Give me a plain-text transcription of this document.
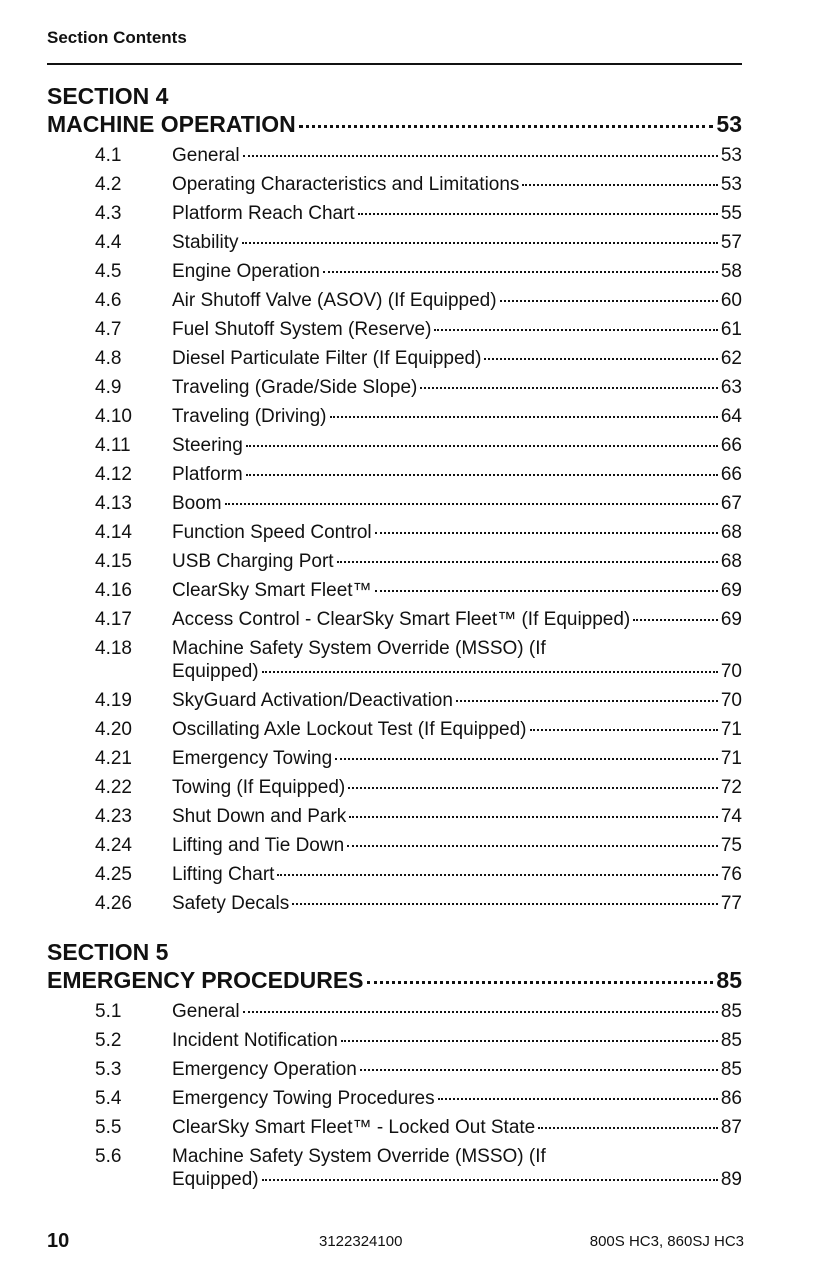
Section Contents
SECTION 4
MACHINE OPERATION	53
4.1	General	53
4.2	Operating Characteristics and Limitations	53
4.3	Platform Reach Chart	55
4.4	Stability	57
4.5	Engine Operation	58
4.6	Air Shutoff Valve (ASOV) (If Equipped)	60
4.7	Fuel Shutoff System (Reserve)	61
4.8	Diesel Particulate Filter (If Equipped)	62
4.9	Traveling (Grade/Side Slope)	63
4.10	Traveling (Driving)	64
4.11	Steering	66
4.12	Platform	66
4.13	Boom	67
4.14	Function Speed Control	68
4.15	USB Charging Port	68
4.16	ClearSky Smart Fleet™	69
4.17	Access Control - ClearSky Smart Fleet™ (If Equipped)	69
4.18	Machine Safety System Override (MSSO) (If
Equipped)	70
4.19	SkyGuard Activation/Deactivation	70
4.20	Oscillating Axle Lockout Test (If Equipped)	71
4.21	Emergency Towing	71
4.22	Towing (If Equipped)	72
4.23	Shut Down and Park	74
4.24	Lifting and Tie Down	75
4.25	Lifting Chart	76
4.26	Safety Decals	77
SECTION 5
EMERGENCY PROCEDURES	85
5.1	General	85
5.2	Incident Notification	85
5.3	Emergency Operation	85
5.4	Emergency Towing Procedures	86
5.5	ClearSky Smart Fleet™ - Locked Out State	87
5.6	Machine Safety System Override (MSSO) (If
Equipped)	89
10	3122324100	800S HC3, 860SJ HC3
